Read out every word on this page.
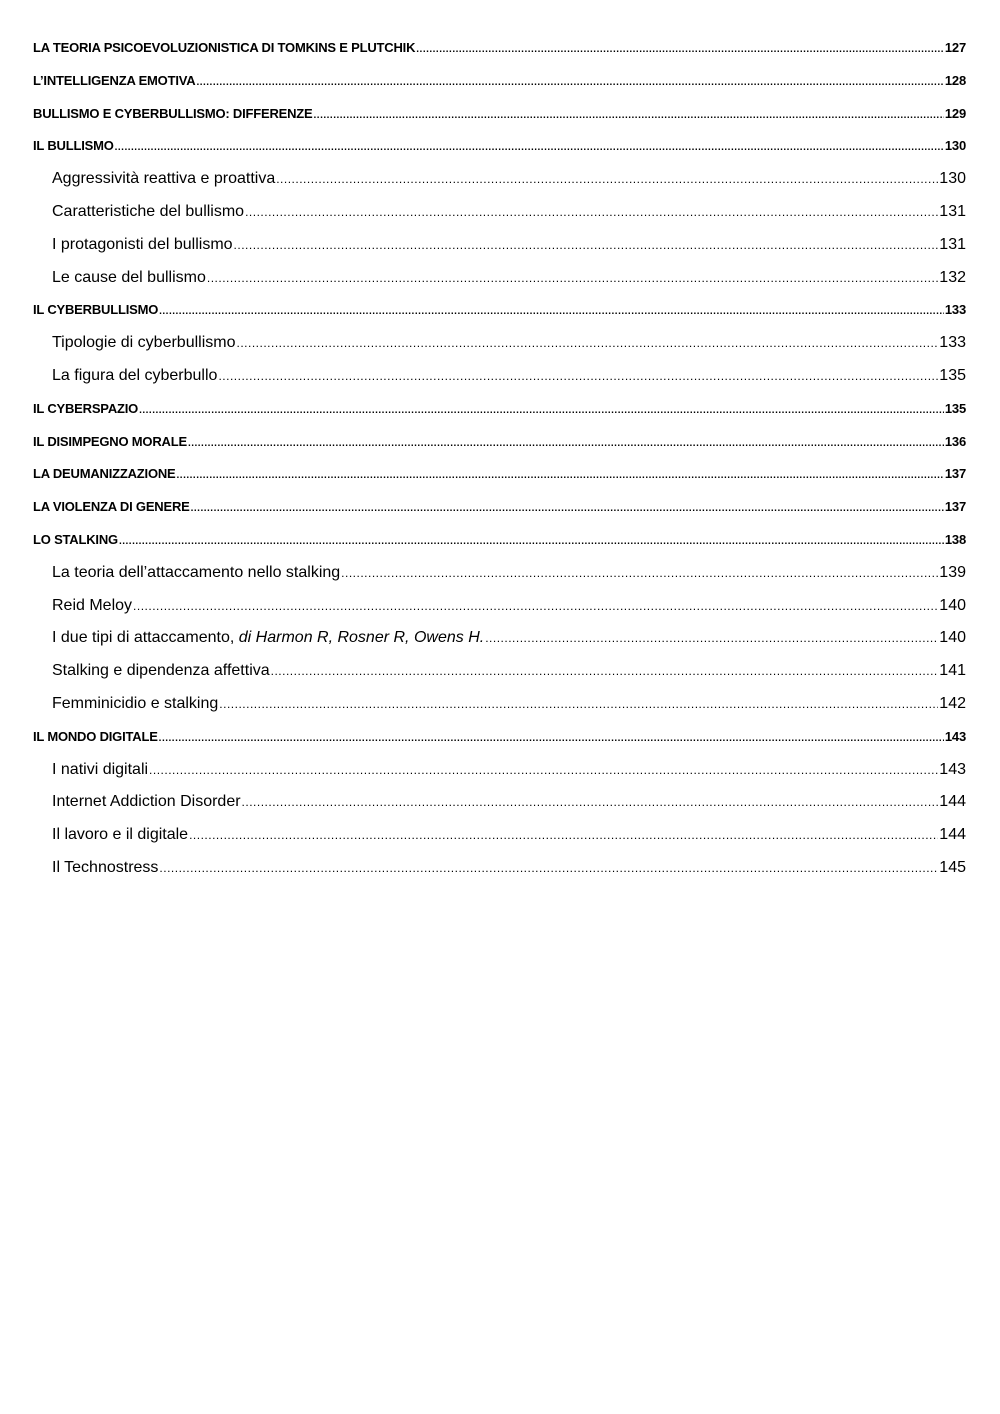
LA TEORIA PSICOEVOLUZIONISTICA DI TOMKINS E PLUTCHIK .....	127
L’INTELLIGENZA EMOTIVA .....	128
BULLISMO E CYBERBULLISMO: DIFFERENZE .....	129
IL BULLISMO .....	130
Aggressività reattiva e proattiva .....	130
Caratteristiche del bullismo .....	131
I protagonisti del bullismo .....	131
Le cause del bullismo .....	132
IL CYBERBULLISMO .....	133
Tipologie di cyberbullismo .....	133
La figura del cyberbullo .....	135
IL CYBERSPAZIO .....	135
IL DISIMPEGNO MORALE .....	136
LA DEUMANIZZAZIONE .....	137
LA VIOLENZA DI GENERE .....	137
LO STALKING .....	138
La teoria dell’attaccamento nello stalking .....	139
Reid Meloy .....	140
I due tipi di attaccamento, di Harmon R, Rosner R, Owens H. .....	140
Stalking e dipendenza affettiva .....	141
Femminicidio e stalking .....	142
IL MONDO DIGITALE .....	143
I nativi digitali .....	143
Internet Addiction Disorder .....	144
Il lavoro e il digitale .....	144
Il Technostress .....	145
